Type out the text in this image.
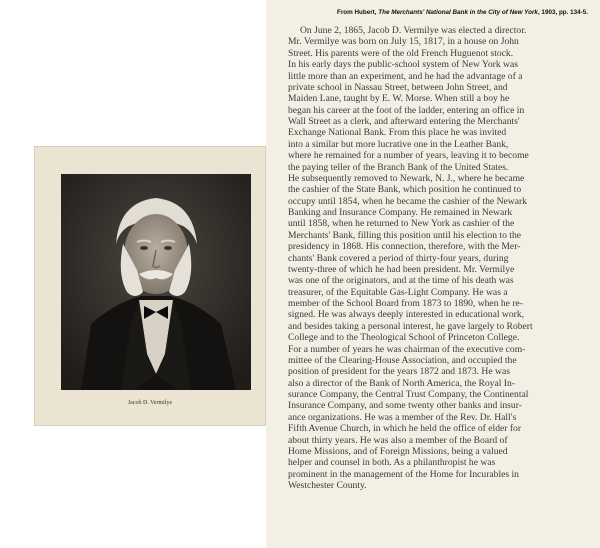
Jacob D. Vermilye
From Hubert, The Merchants' National Bank in the City of New York, 1903, pp. 134-5.
On June 2, 1865, Jacob D. Vermilye was elected a director.
Mr. Vermilye was born on July 15, 1817, in a house on John
Street. His parents were of the old French Huguenot stock.
In his early days the public-school system of New York was
little more than an experiment, and he had the advantage of a
private school in Nassau Street, between John Street, and
Maiden Lane, taught by E. W. Morse. When still a boy he
began his career at the foot of the ladder, entering an office in
Wall Street as a clerk, and afterward entering the Merchants'
Exchange National Bank. From this place he was invited
into a similar but more lucrative one in the Leather Bank,
where he remained for a number of years, leaving it to become
the paying teller of the Branch Bank of the United States.
He subsequently removed to Newark, N. J., where he became
the cashier of the State Bank, which position he continued to
occupy until 1854, when he became the cashier of the Newark
Banking and Insurance Company. He remained in Newark
until 1858, when he returned to New York as cashier of the
Merchants' Bank, filling this position until his election to the
presidency in 1868. His connection, therefore, with the Mer-
chants' Bank covered a period of thirty-four years, during
twenty-three of which he had been president. Mr. Vermilye
was one of the originators, and at the time of his death was
treasurer, of the Equitable Gas-Light Company. He was a
member of the School Board from 1873 to 1890, when he re-
signed. He was always deeply interested in educational work,
and besides taking a personal interest, he gave largely to Robert
College and to the Theological School of Princeton College.
For a number of years he was chairman of the executive com-
mittee of the Clearing-House Association, and occupied the
position of president for the years 1872 and 1873. He was
also a director of the Bank of North America, the Royal In-
surance Company, the Central Trust Company, the Continental
Insurance Company, and some twenty other banks and insur-
ance organizations. He was a member of the Rev. Dr. Hall's
Fifth Avenue Church, in which he held the office of elder for
about thirty years. He was also a member of the Board of
Home Missions, and of Foreign Missions, being a valued
helper and counsel in both. As a philanthropist he was
prominent in the management of the Home for Incurables in
Westchester County.
